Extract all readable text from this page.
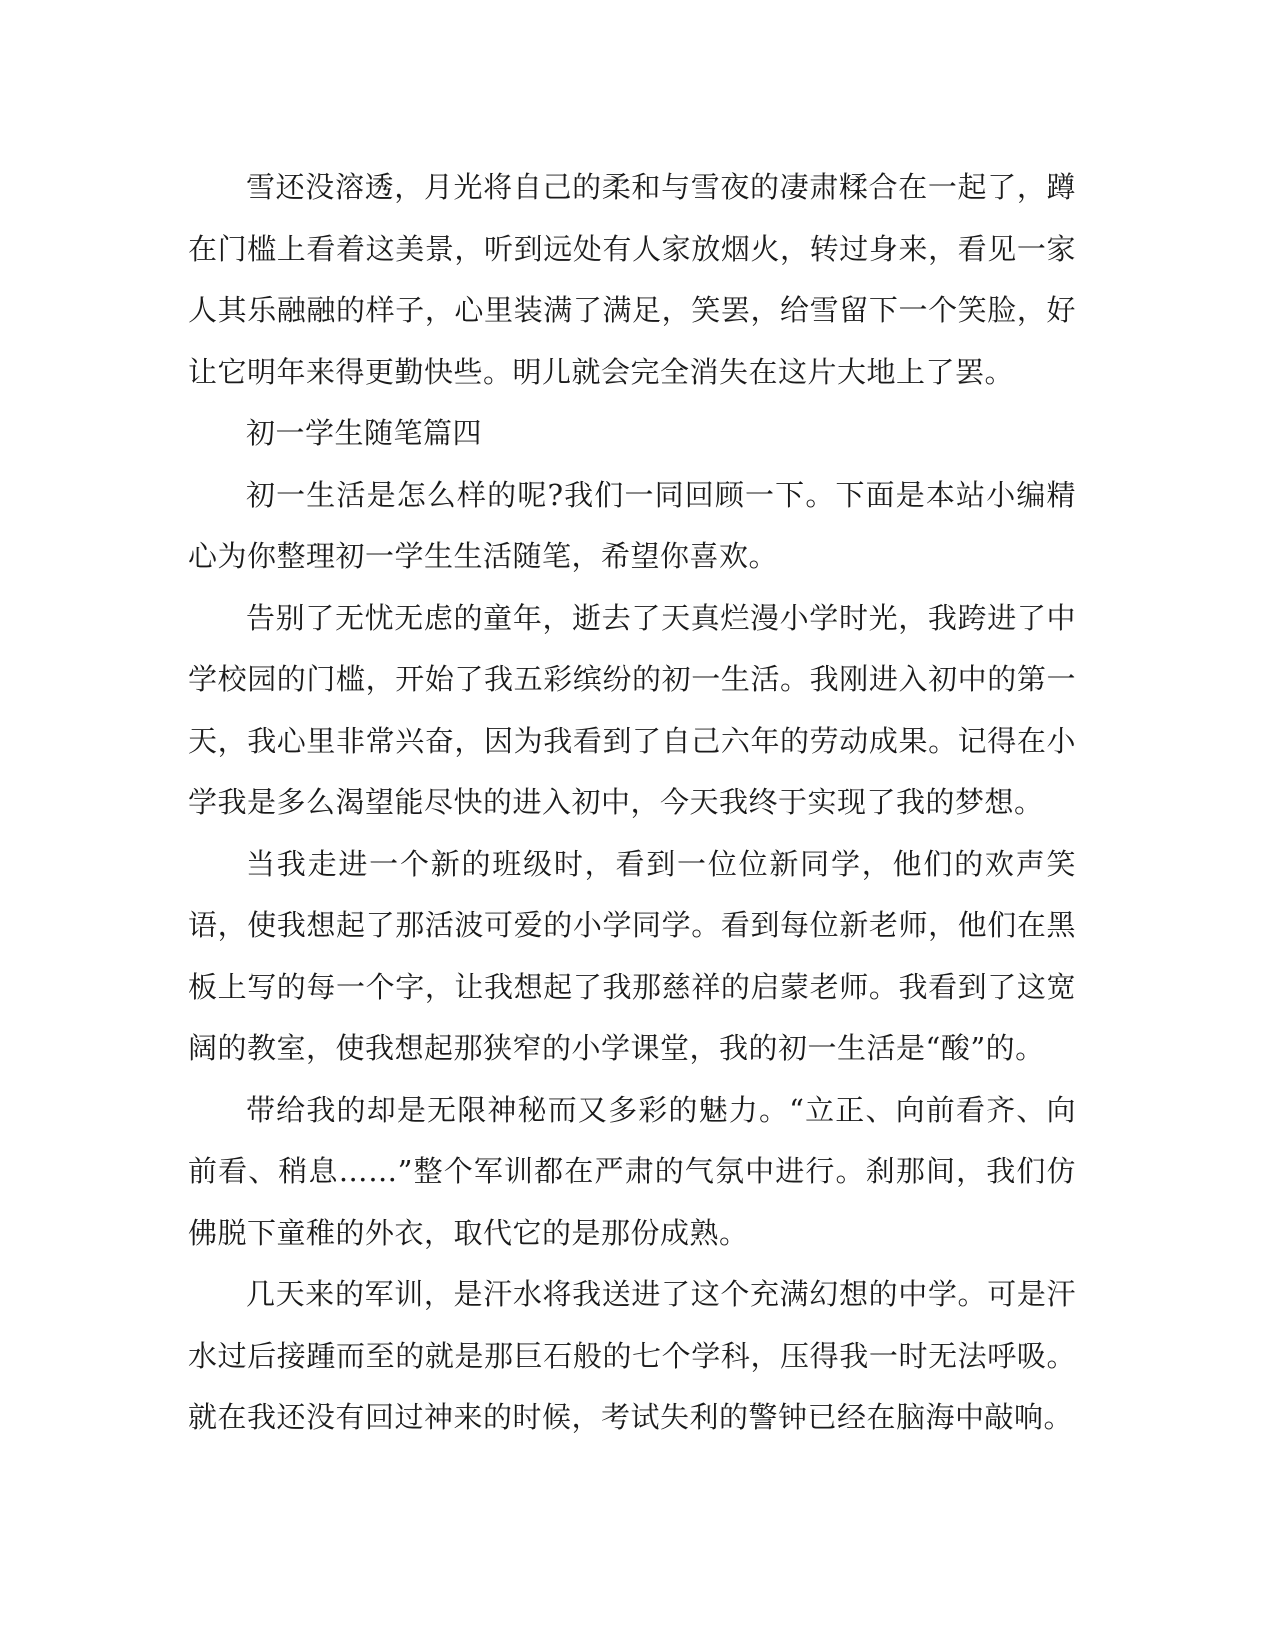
雪还没溶透，月光将自己的柔和与雪夜的凄肃糅合在一起了，蹲在门槛上看着这美景，听到远处有人家放烟火，转过身来，看见一家人其乐融融的样子，心里装满了满足，笑罢，给雪留下一个笑脸，好让它明年来得更勤快些。明儿就会完全消失在这片大地上了罢。

初一学生随笔篇四

初一生活是怎么样的呢?我们一同回顾一下。下面是本站小编精心为你整理初一学生生活随笔，希望你喜欢。

告别了无忧无虑的童年，逝去了天真烂漫小学时光，我跨进了中学校园的门槛，开始了我五彩缤纷的初一生活。我刚进入初中的第一天，我心里非常兴奋，因为我看到了自己六年的劳动成果。记得在小学我是多么渴望能尽快的进入初中，今天我终于实现了我的梦想。

当我走进一个新的班级时，看到一位位新同学，他们的欢声笑语，使我想起了那活波可爱的小学同学。看到每位新老师，他们在黑板上写的每一个字，让我想起了我那慈祥的启蒙老师。我看到了这宽阔的教室，使我想起那狭窄的小学课堂，我的初一生活是“酸”的。

带给我的却是无限神秘而又多彩的魅力。“立正、向前看齐、向前看、稍息……”整个军训都在严肃的气氛中进行。刹那间，我们仿佛脱下童稚的外衣，取代它的是那份成熟。

几天来的军训，是汗水将我送进了这个充满幻想的中学。可是汗水过后接踵而至的就是那巨石般的七个学科，压得我一时无法呼吸。就在我还没有回过神来的时候，考试失利的警钟已经在脑海中敲响。
